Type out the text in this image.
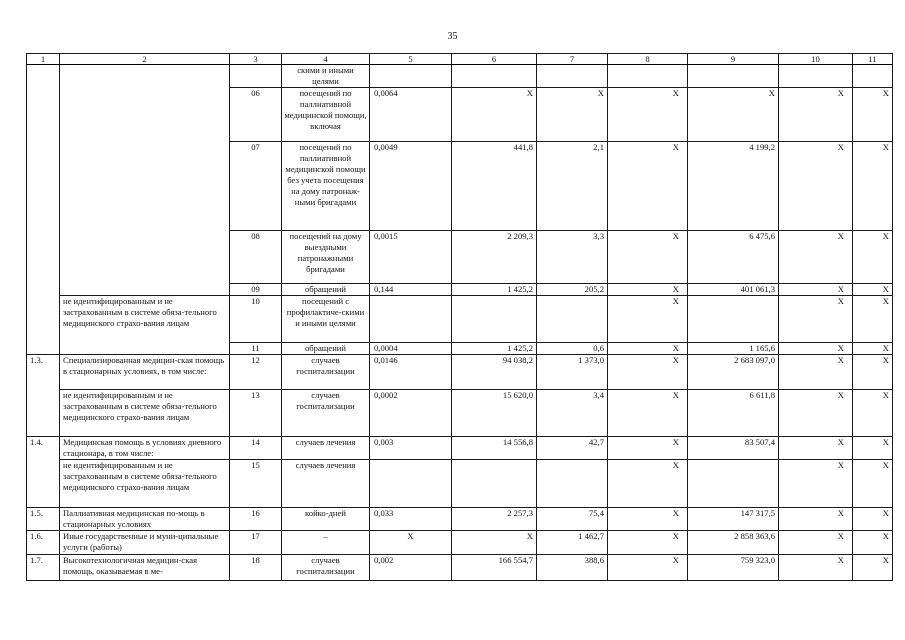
35
1	2	3	4	5	6	7	8	9	10	11
			скими и иными целями							
		06	посещений по паллиативной медицинской помощи, включая	0,0064	X	X	X	X	X	X
		07	посещений по паллиативной медицинской помощи без учета посещения на дому патронаж-ными бригадами	0,0049	441,8	2,1	X	4 199,2	X	X
		08	посещений на дому выездными патронажными бригадами	0,0015	2 209,3	3,3	X	6 475,6	X	X
		09	обращений	0,144	1 425,2	205,2	X	401 061,3	X	X
	не идентифицированным и не застрахованным в системе обяза-тельного медицинского страхо-вания лицам	10	посещений с профилактиче-скими и иными целями				X		X	X
		11	обращений	0,0004	1 425,2	0,6	X	1 165,6	X	X
1.3.	Специализированная медицин-ская помощь в стационарных условиях, в том числе:	12	случаев госпитализации	0,0146	94 038,2	1 373,0	X	2 683 097,0	X	X
	не идентифицированным и не застрахованным в системе обяза-тельного медицинского страхо-вания лицам	13	случаев госпитализации	0,0002	15 620,0	3,4	X	6 611,8	X	X
1.4.	Медицинская помощь в условиях дневного стационара, в том числе:	14	случаев лечения	0,003	14 556,8	42,7	X	83 507,4	X	X
	не идентифицированным и не застрахованным в системе обяза-тельного медицинского страхо-вания лицам	15	случаев лечения				X		X	X
1.5.	Паллиативная медицинская по-мощь в стационарных условиях	16	койко-дней	0,033	2 257,3	75,4	X	147 317,5	X	X
1.6.	Иные государственные и муни-ципальные услуги (работы)	17	–	X	X	1 462,7	X	2 858 363,6	X	X
1.7.	Высокотехнологичная медицин-ская помощь, оказываемая в ме-	18	случаев госпитализации	0,002	166 554,7	388,6	X	759 323,0	X	X
